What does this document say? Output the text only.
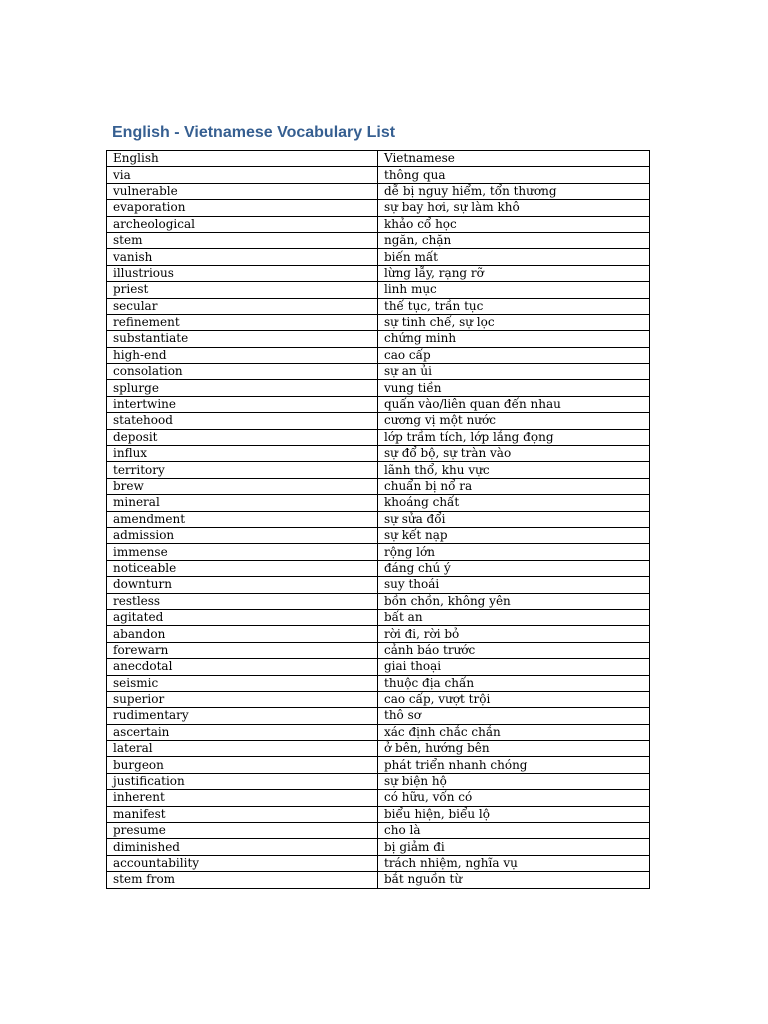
English - Vietnamese Vocabulary List
English	Vietnamese
via	thông qua
vulnerable	dễ bị nguy hiểm, tổn thương
evaporation	sự bay hơi, sự làm khô
archeological	khảo cổ học
stem	ngăn, chặn
vanish	biến mất
illustrious	lừng lẫy, rạng rỡ
priest	linh mục
secular	thế tục, trần tục
refinement	sự tinh chế, sự lọc
substantiate	chứng minh
high-end	cao cấp
consolation	sự an ủi
splurge	vung tiền
intertwine	quấn vào/liên quan đến nhau
statehood	cương vị một nước
deposit	lớp trầm tích, lớp lắng đọng
influx	sự đổ bộ, sự tràn vào
territory	lãnh thổ, khu vực
brew	chuẩn bị nổ ra
mineral	khoáng chất
amendment	sự sửa đổi
admission	sự kết nạp
immense	rộng lớn
noticeable	đáng chú ý
downturn	suy thoái
restless	bồn chồn, không yên
agitated	bất an
abandon	rời đi, rời bỏ
forewarn	cảnh báo trước
anecdotal	giai thoại
seismic	thuộc địa chấn
superior	cao cấp, vượt trội
rudimentary	thô sơ
ascertain	xác định chắc chắn
lateral	ở bên, hướng bên
burgeon	phát triển nhanh chóng
justification	sự biện hộ
inherent	có hữu, vốn có
manifest	biểu hiện, biểu lộ
presume	cho là
diminished	bị giảm đi
accountability	trách nhiệm, nghĩa vụ
stem from	bắt nguồn từ
